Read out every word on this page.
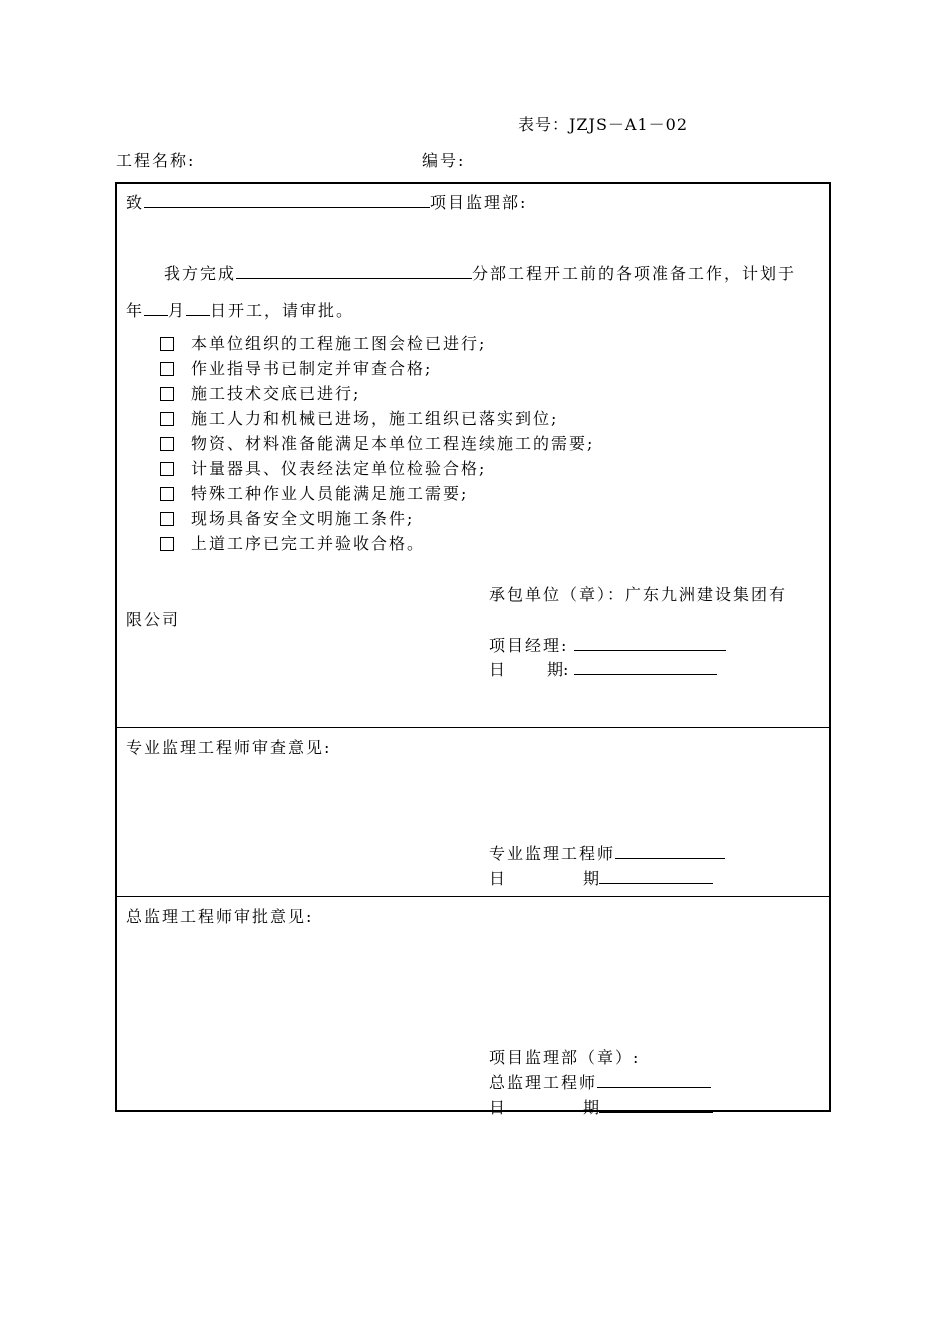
表号：JZJS－A1－02
工程名称:	编号:
致	项目监理部:
我方完成	分部工程开工前的各项准备工作，计划于
年 月 日开工，请审批。
本单位组织的工程施工图会检已进行;
作业指导书已制定并审查合格;
施工技术交底已进行;
施工人力和机械已进场，施工组织已落实到位;
物资、材料准备能满足本单位工程连续施工的需要;
计量器具、仪表经法定单位检验合格;
特殊工种作业人员能满足施工需要;
现场具备安全文明施工条件;
上道工序已完工并验收合格。
承包单位（章）：广东九洲建设集团有
限公司
项目经理:
日	期:
专业监理工程师审查意见:
专业监理工程师
日	期
总监理工程师审批意见:
项目监理部（章）:
总监理工程师
日	期
